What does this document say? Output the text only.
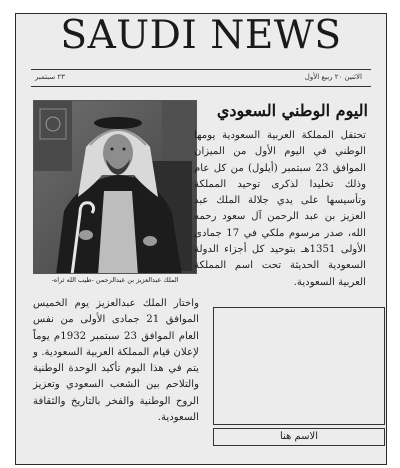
SAUDI NEWS
الاثنين ٢٠ ربيع الأول
٢٣ سبتمبر
الملك عبدالعزيز بن عبدالرحمن -طيب الله ثراه-
اليوم الوطني السعودي
تحتفل المملكة العربية السعودية يومها الوطني في اليوم الأول من الميزان الموافق 23 سبتمبر (أيلول) من كل عام وذلك تخليدا لذكرى توحيد المملكة وتأسيسها على يدي جلالة الملك عبد العزيز بن عبد الرحمن آل سعود رحمه الله، صدر مرسوم ملكي في 17 جمادى الأولى 1351هـ بتوحيد كل أجزاء الدولة السعودية الحديثة تحت اسم المملكة العربية السعودية.
واختار الملك عبدالعزيز يوم الخميس الموافق 21 جمادى الأولى من نفس العام الموافق 23 سبتمبر 1932م يوماً لإعلان قيام المملكة العربية السعودية. و يتم في هذا اليوم تأكيد الوحدة الوطنية والتلاحم بين الشعب السعودي وتعزيز الروح الوطنية والفخر بالتاريخ والثقافة السعودية.
الاسم هنا
